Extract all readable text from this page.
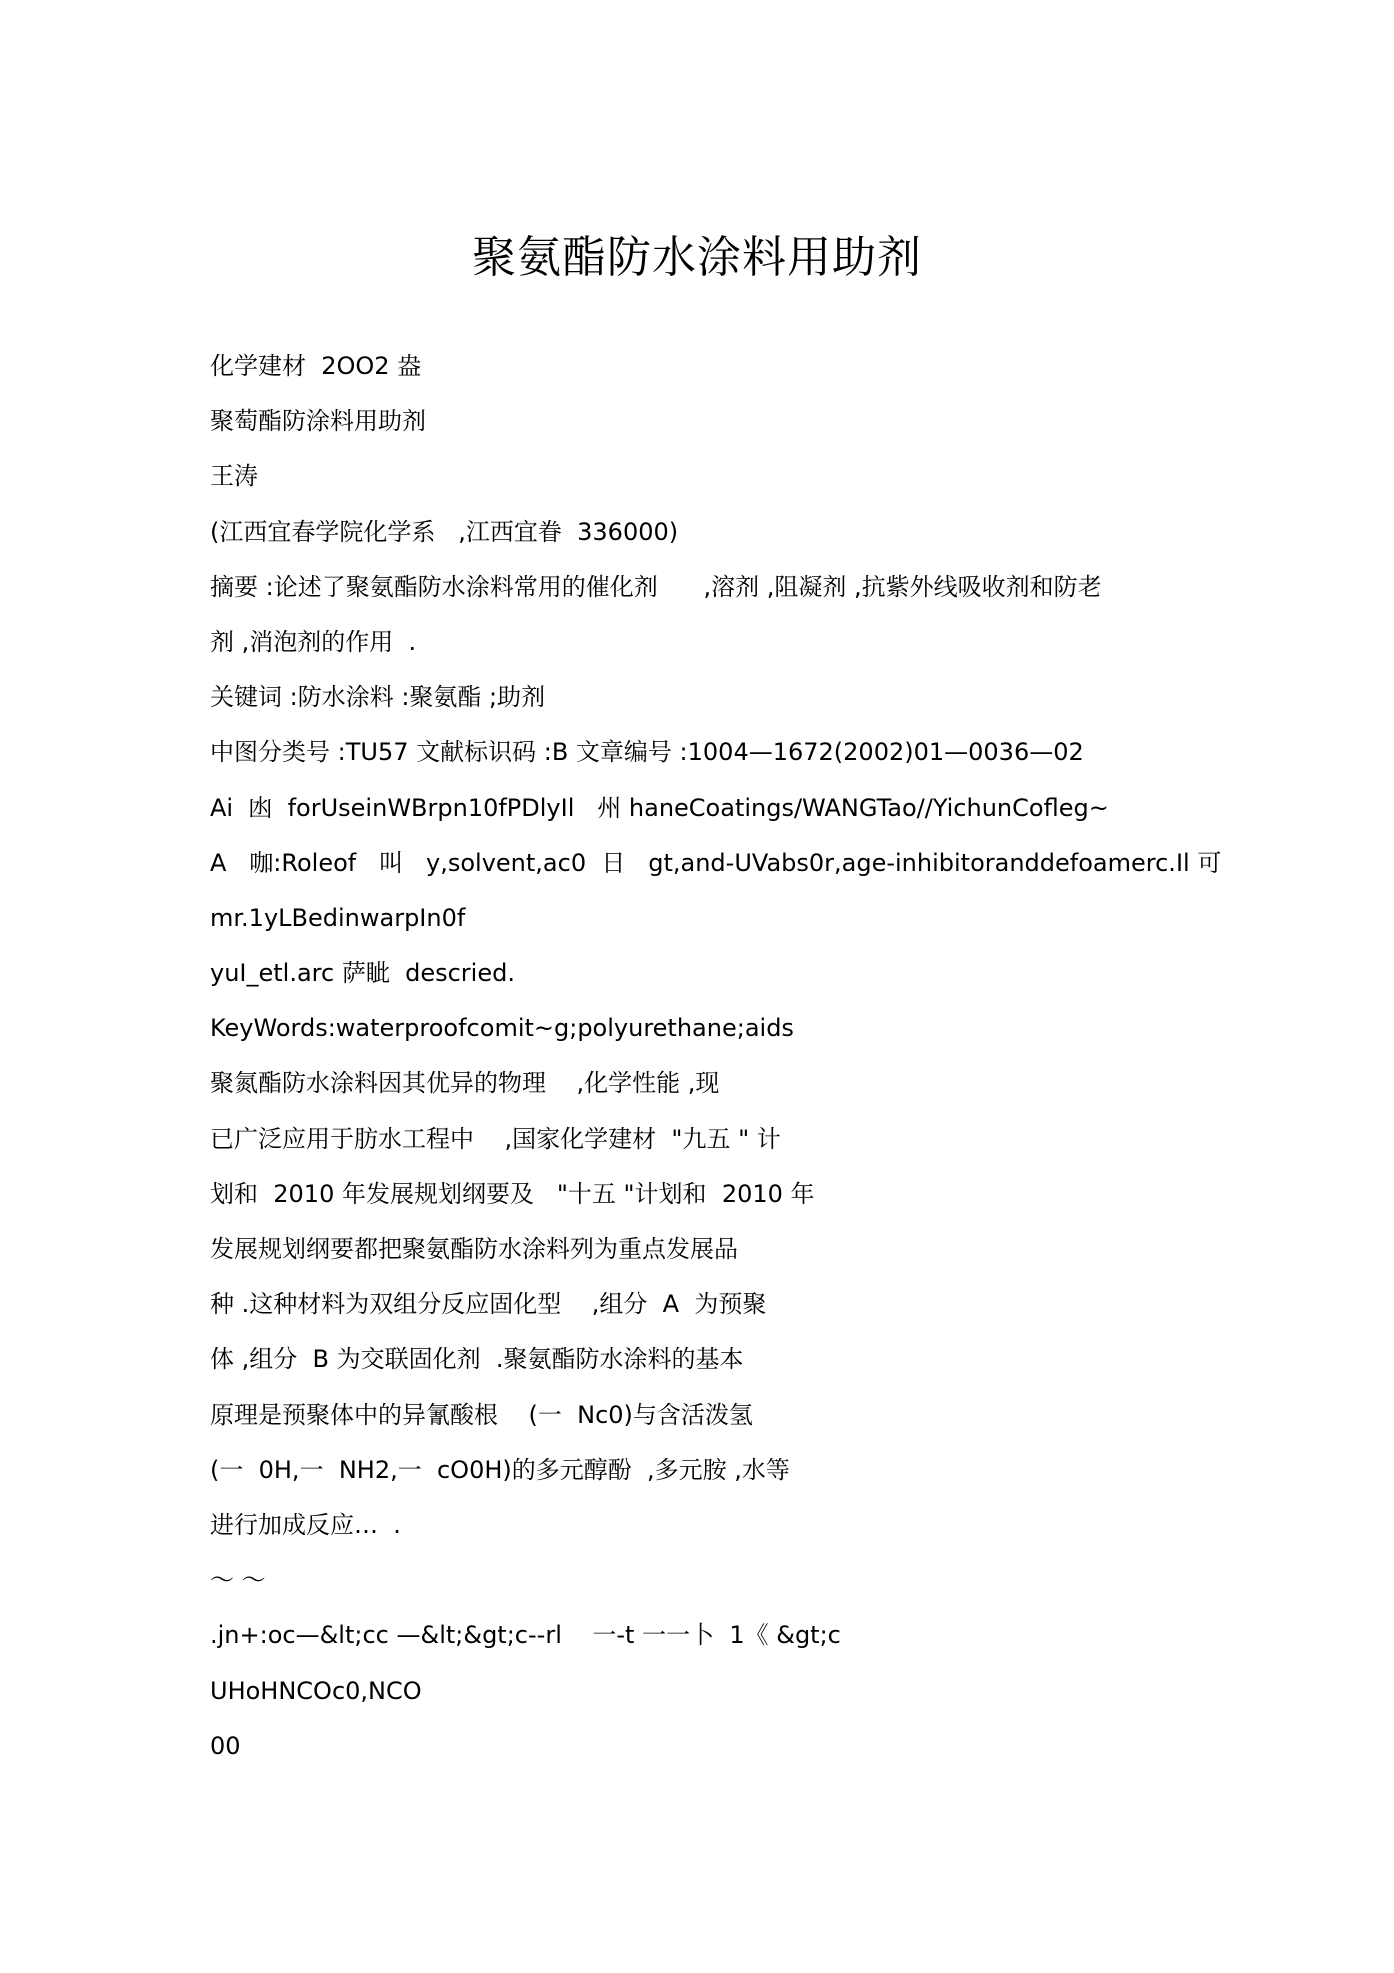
聚氨酯防水涂料用助剂
化学建材  2OO2 盎
聚萄酯防涂料用助剂
王涛
(江西宜春学院化学系   ,江西宜眷  336000)
摘要 :论述了聚氨酯防水涂料常用的催化剂      ,溶剂 ,阻凝剂 ,抗紫外线吸收剂和防老
剂 ,消泡剂的作用  .
关键词 :防水涂料 :聚氨酯 ;助剂
中图分类号 :TU57 文献标识码 :B 文章编号 :1004—1672(2002)01—0036—02
Ai  凼  forUseinWBrpn10fPDlyIl   州 haneCoatings/WANGTao//YichunCofleg~
A   咖:Roleof   叫   y,solvent,ac0  日   gt,and-UVabs0r,age-inhibitoranddefoamerc.Il 可
mr.1yLBedinwarpIn0f
yuI_etl.arc 萨眦  descried.
KeyWords:waterproofcomit~g;polyurethane;aids
聚氮酯防水涂料因其优异的物理    ,化学性能 ,现
已广泛应用于肪水工程中    ,国家化学建材  "九五 " 计
划和  2010 年发展规划纲要及   "十五 "计划和  2010 年
发展规划纲要都把聚氨酯防水涂料列为重点发展品
种 .这种材料为双组分反应固化型    ,组分  A  为预聚
体 ,组分  B 为交联固化剂  .聚氨酯防水涂料的基本
原理是预聚体中的异氰酸根    (一  Nc0)与含活泼氢
(一  0H,一  NH2,一  cO0H)的多元醇酚  ,多元胺 ,水等
进行加成反应…  .
～ ～
.jn+:oc—&lt;cc —&lt;&gt;c--rl    一-t 一一卜  1《 &gt;c
UHoHNCOc0,NCO
00
